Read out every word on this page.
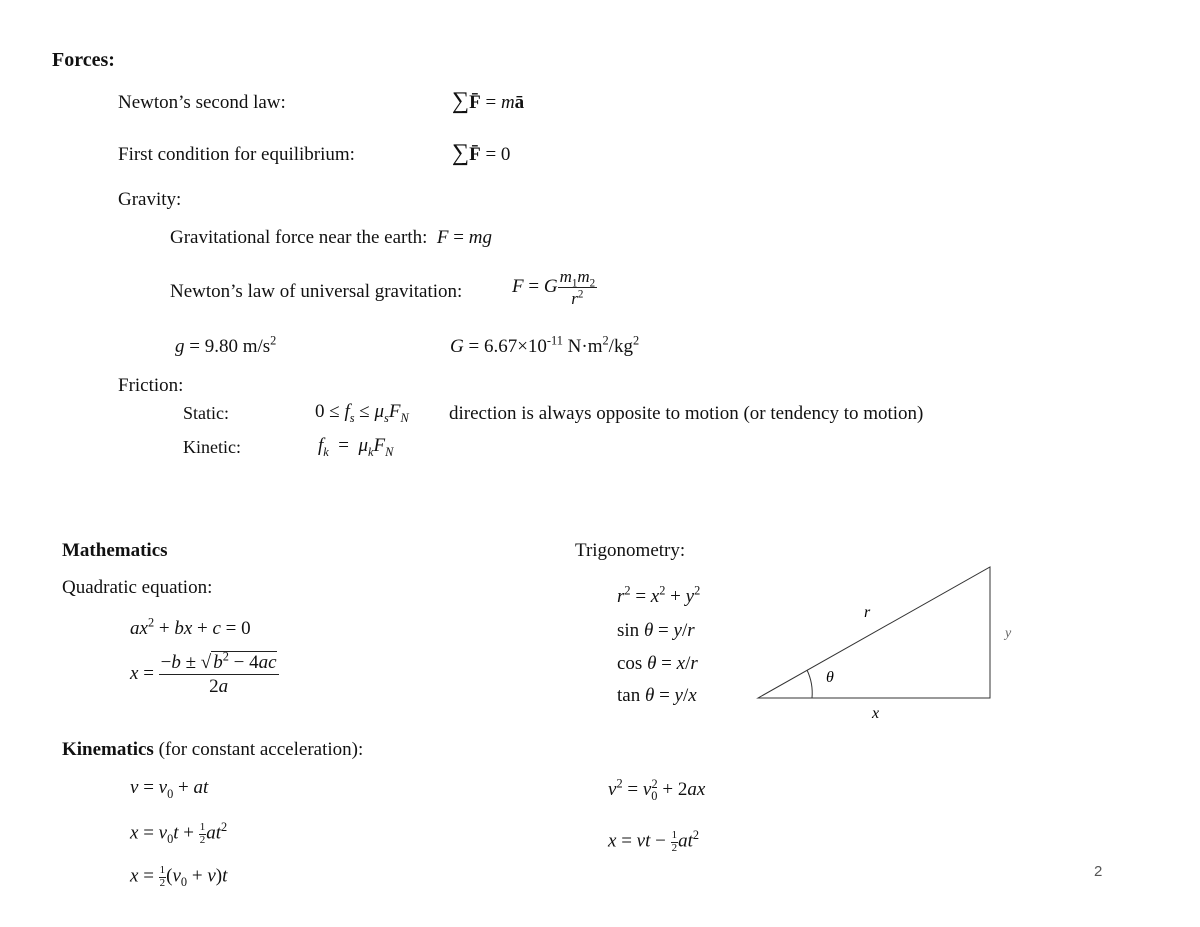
Forces:
Newton’s second law:	∑F̄ = mā
First condition for equilibrium:	∑F̄ = 0
Gravity:
Gravitational force near the earth: F = mg
Newton’s law of universal gravitation:	F = G $\frac{m_1m_2}{r^2}$
g = 9.80 $m/s^2$	$G = 6.67\times 10^{-11}$ $N\cdot m^2/kg^2$
Friction:
Static:	$0 \le f_s \le \mu_sF_N$ direction is always opposite to motion (or tendency to motion)
Kinetic:	$f_k = \mu_kF_N$
Mathematics
Quadratic equation:
$ax^2$ + bx + c = 0
$x = \frac{-b \pm √ b^2 - 4ac}{2a}$
Trigonometry:
$r^2 = x^2 + y^2$
sin θ = y/r
cos θ = x/r
tan θ = y/x
r
y
x
θ
Kinematics (for constant acceleration):
$v = v_0$ + at
$x = v_0t + \frac{1}{2} at^2$
$x = \frac{1}{2} (v_0 + v)t$
$v^2 = v_0^2 + 2ax$
x = vt − $\frac{1}{2} at^2$
2
